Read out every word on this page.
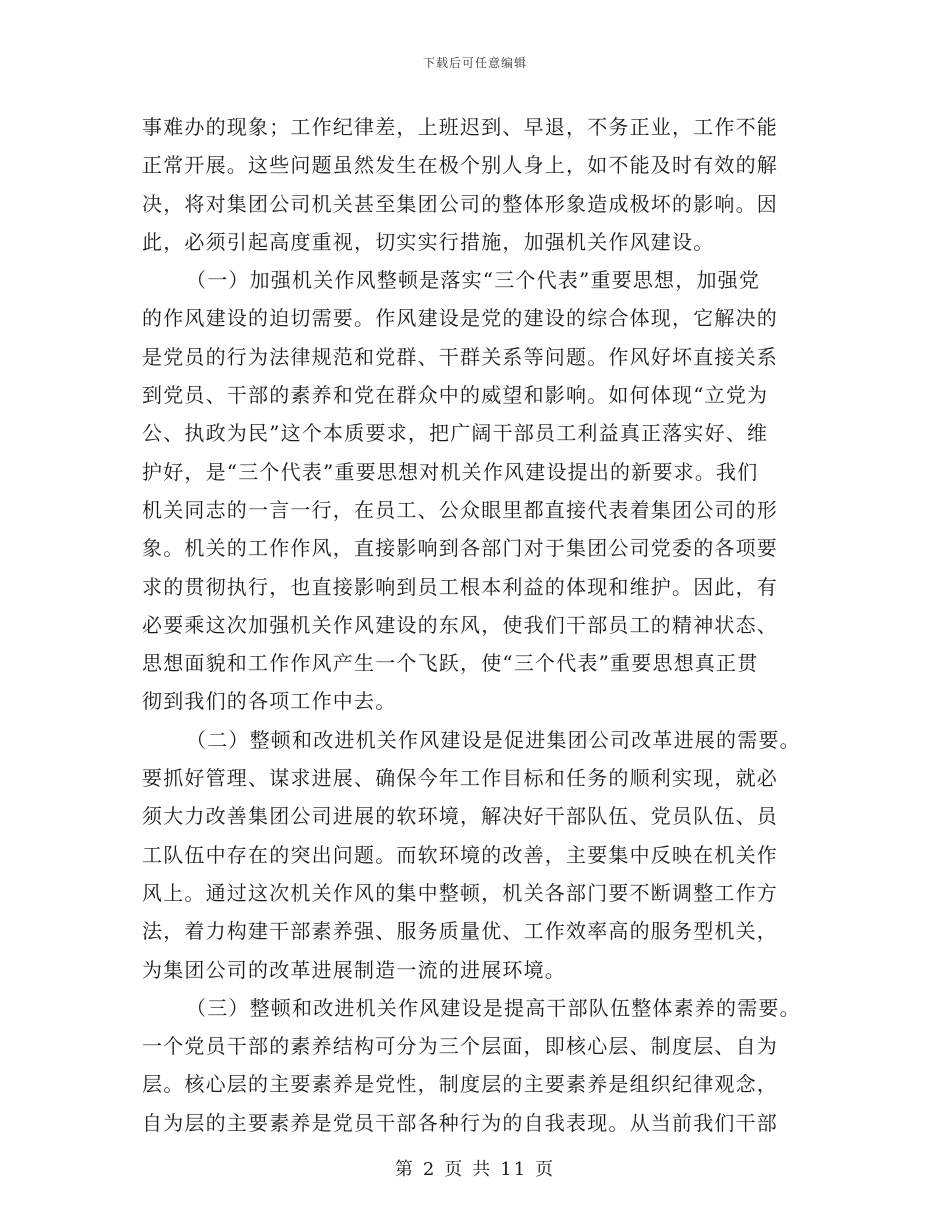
下载后可任意编辑
事难办的现象；工作纪律差，上班迟到、早退，不务正业，工作不能
正常开展。这些问题虽然发生在极个别人身上，如不能及时有效的解
决，将对集团公司机关甚至集团公司的整体形象造成极坏的影响。因
此，必须引起高度重视，切实实行措施，加强机关作风建设。
（一）加强机关作风整顿是落实“三个代表”重要思想，加强党
的作风建设的迫切需要。作风建设是党的建设的综合体现，它解决的
是党员的行为法律规范和党群、干群关系等问题。作风好坏直接关系
到党员、干部的素养和党在群众中的威望和影响。如何体现“立党为
公、执政为民”这个本质要求，把广阔干部员工利益真正落实好、维
护好，是“三个代表”重要思想对机关作风建设提出的新要求。我们
机关同志的一言一行，在员工、公众眼里都直接代表着集团公司的形
象。机关的工作作风，直接影响到各部门对于集团公司党委的各项要
求的贯彻执行，也直接影响到员工根本利益的体现和维护。因此，有
必要乘这次加强机关作风建设的东风，使我们干部员工的精神状态、
思想面貌和工作作风产生一个飞跃，使“三个代表”重要思想真正贯
彻到我们的各项工作中去。
（二）整顿和改进机关作风建设是促进集团公司改革进展的需要。
要抓好管理、谋求进展、确保今年工作目标和任务的顺利实现，就必
须大力改善集团公司进展的软环境，解决好干部队伍、党员队伍、员
工队伍中存在的突出问题。而软环境的改善，主要集中反映在机关作
风上。通过这次机关作风的集中整顿，机关各部门要不断调整工作方
法，着力构建干部素养强、服务质量优、工作效率高的服务型机关，
为集团公司的改革进展制造一流的进展环境。
（三）整顿和改进机关作风建设是提高干部队伍整体素养的需要。
一个党员干部的素养结构可分为三个层面，即核心层、制度层、自为
层。核心层的主要素养是党性，制度层的主要素养是组织纪律观念，
自为层的主要素养是党员干部各种行为的自我表现。从当前我们干部
第 2 页 共 11 页
